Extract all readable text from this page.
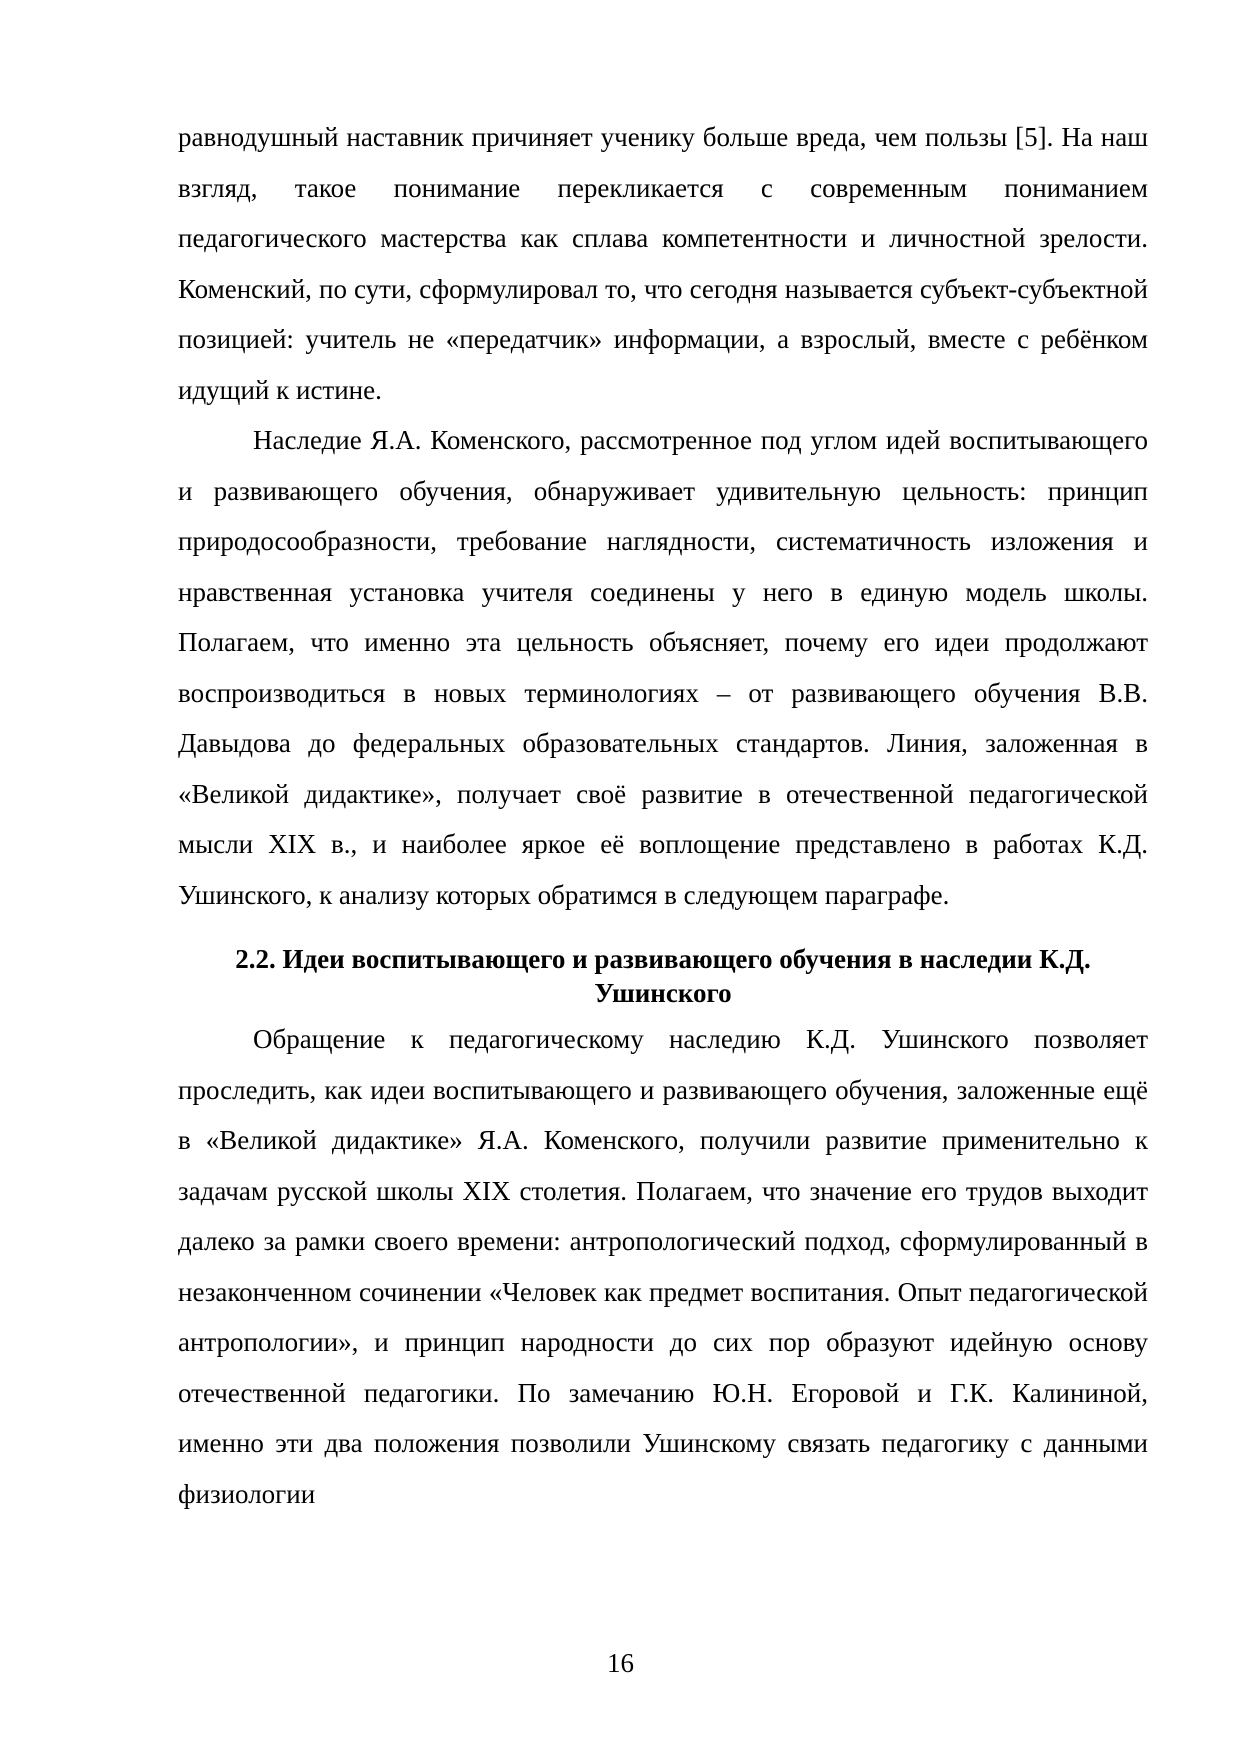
равнодушный наставник причиняет ученику больше вреда, чем пользы [5]. На наш взгляд, такое понимание перекликается с современным пониманием педагогического мастерства как сплава компетентности и личностной зрелости. Коменский, по сути, сформулировал то, что сегодня называется субъект-субъектной позицией: учитель не «передатчик» информации, а взрослый, вместе с ребёнком идущий к истине.

Наследие Я.А. Коменского, рассмотренное под углом идей воспитывающего и развивающего обучения, обнаруживает удивительную цельность: принцип природосообразности, требование наглядности, систематичность изложения и нравственная установка учителя соединены у него в единую модель школы. Полагаем, что именно эта цельность объясняет, почему его идеи продолжают воспроизводиться в новых терминологиях – от развивающего обучения В.В. Давыдова до федеральных образовательных стандартов. Линия, заложенная в «Великой дидактике», получает своё развитие в отечественной педагогической мысли XIX в., и наиболее яркое её воплощение представлено в работах К.Д. Ушинского, к анализу которых обратимся в следующем параграфе.

2.2. Идеи воспитывающего и развивающего обучения в наследии К.Д. Ушинского

Обращение к педагогическому наследию К.Д. Ушинского позволяет проследить, как идеи воспитывающего и развивающего обучения, заложенные ещё в «Великой дидактике» Я.А. Коменского, получили развитие применительно к задачам русской школы XIX столетия. Полагаем, что значение его трудов выходит далеко за рамки своего времени: антропологический подход, сформулированный в незаконченном сочинении «Человек как предмет воспитания. Опыт педагогической антропологии», и принцип народности до сих пор образуют идейную основу отечественной педагогики. По замечанию Ю.Н. Егоровой и Г.К. Калининой, именно эти два положения позволили Ушинскому связать педагогику с данными физиологии

16
